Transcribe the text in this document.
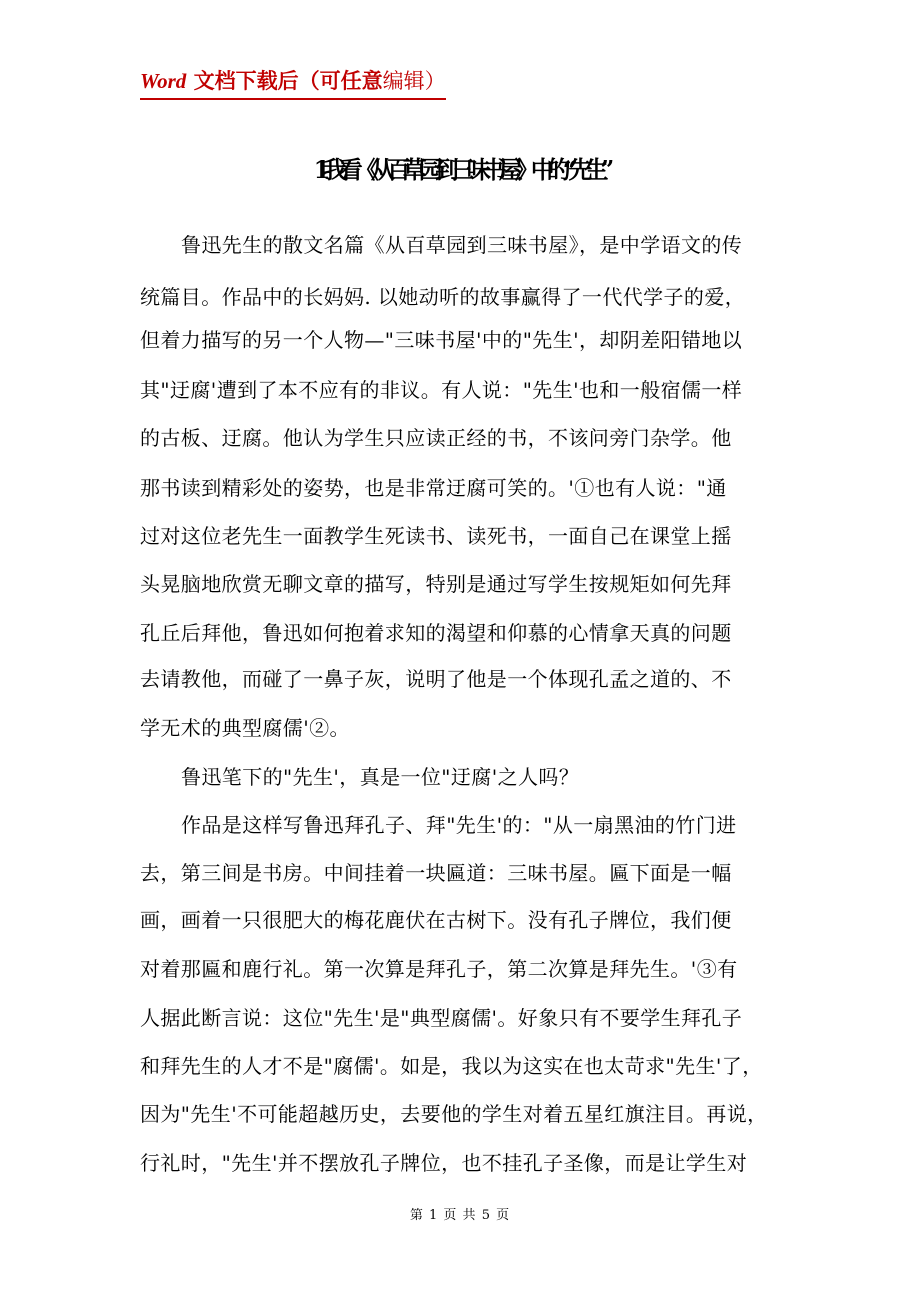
Word 文档下载后（可任意编辑）
1 我看《从百草园到三味书屋》中的“先生”
鲁迅先生的散文名篇《从百草园到三味书屋》，是中学语文的传
统篇目。作品中的长妈妈. 以她动听的故事赢得了一代代学子的爱，
但着力描写的另一个人物—"三味书屋'中的"先生'，却阴差阳错地以
其"迂腐'遭到了本不应有的非议。有人说："先生'也和一般宿儒一样
的古板、迂腐。他认为学生只应读正经的书，不该问旁门杂学。他
那书读到精彩处的姿势，也是非常迂腐可笑的。'①也有人说："通
过对这位老先生一面教学生死读书、读死书，一面自己在课堂上摇
头晃脑地欣赏无聊文章的描写，特别是通过写学生按规矩如何先拜
孔丘后拜他，鲁迅如何抱着求知的渴望和仰慕的心情拿天真的问题
去请教他，而碰了一鼻子灰，说明了他是一个体现孔孟之道的、不
学无术的典型腐儒'②。
鲁迅笔下的"先生'，真是一位"迂腐'之人吗？
作品是这样写鲁迅拜孔子、拜"先生'的："从一扇黑油的竹门进
去，第三间是书房。中间挂着一块匾道：三味书屋。匾下面是一幅
画，画着一只很肥大的梅花鹿伏在古树下。没有孔子牌位，我们便
对着那匾和鹿行礼。第一次算是拜孔子，第二次算是拜先生。'③有
人据此断言说：这位"先生'是"典型腐儒'。好象只有不要学生拜孔子
和拜先生的人才不是"腐儒'。如是，我以为这实在也太苛求"先生'了，
因为"先生'不可能超越历史，去要他的学生对着五星红旗注目。再说，
行礼时，"先生'并不摆放孔子牌位，也不挂孔子圣像，而是让学生对
第 1 页 共 5 页
